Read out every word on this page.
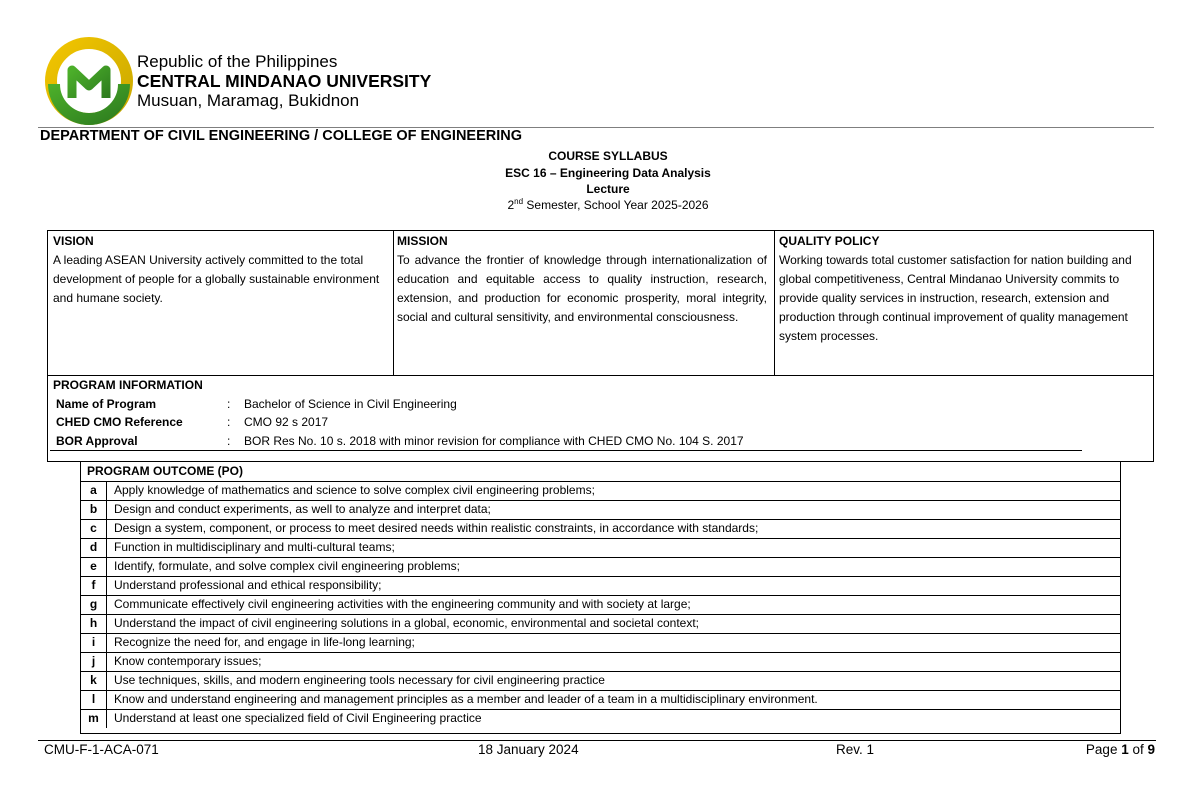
Republic of the Philippines
CENTRAL MINDANAO UNIVERSITY
Musuan, Maramag, Bukidnon
DEPARTMENT OF CIVIL ENGINEERING / COLLEGE OF ENGINEERING
COURSE SYLLABUS
ESC 16 – Engineering Data Analysis
Lecture
2nd Semester, School Year 2025-2026
VISION
A leading ASEAN University actively committed to the total development of people for a globally sustainable environment and humane society.
MISSION
To advance the frontier of knowledge through internationalization of education and equitable access to quality instruction, research, extension, and production for economic prosperity, moral integrity, social and cultural sensitivity, and environmental consciousness.
QUALITY POLICY
Working towards total customer satisfaction for nation building and global competitiveness, Central Mindanao University commits to provide quality services in instruction, research, extension and production through continual improvement of quality management system processes.
PROGRAM INFORMATION
Name of Program	: Bachelor of Science in Civil Engineering
CHED CMO Reference	: CMO 92 s 2017
BOR Approval	: BOR Res No. 10 s. 2018 with minor revision for compliance with CHED CMO No. 104 S. 2017
PROGRAM OUTCOME (PO)
a	Apply knowledge of mathematics and science to solve complex civil engineering problems;
b	Design and conduct experiments, as well to analyze and interpret data;
c	Design a system, component, or process to meet desired needs within realistic constraints, in accordance with standards;
d	Function in multidisciplinary and multi-cultural teams;
e	Identify, formulate, and solve complex civil engineering problems;
f	Understand professional and ethical responsibility;
g	Communicate effectively civil engineering activities with the engineering community and with society at large;
h	Understand the impact of civil engineering solutions in a global, economic, environmental and societal context;
i	Recognize the need for, and engage in life-long learning;
j	Know contemporary issues;
k	Use techniques, skills, and modern engineering tools necessary for civil engineering practice
l	Know and understand engineering and management principles as a member and leader of a team in a multidisciplinary environment.
m	Understand at least one specialized field of Civil Engineering practice
CMU-F-1-ACA-071	18 January 2024	Rev. 1	Page 1 of 9
